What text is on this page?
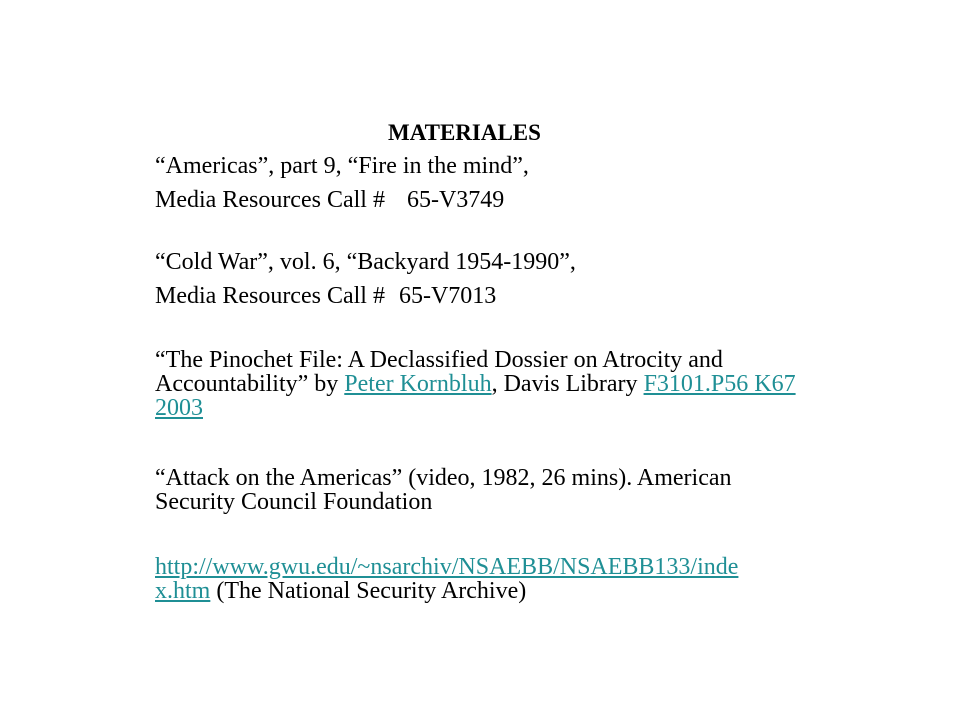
MATERIALES
“Americas”, part 9, “Fire in the mind”,
Media Resources Call # 65-V3749
“Cold War”, vol. 6, “Backyard 1954-1990”,
Media Resources Call # 65-V7013
“The Pinochet File: A Declassified Dossier on Atrocity and Accountability” by Peter Kornbluh, Davis Library F3101.P56 K67 2003
“Attack on the Americas” (video, 1982, 26 mins). American Security Council Foundation
http://www.gwu.edu/~nsarchiv/NSAEBB/NSAEBB133/inde
x.htm (The National Security Archive)
